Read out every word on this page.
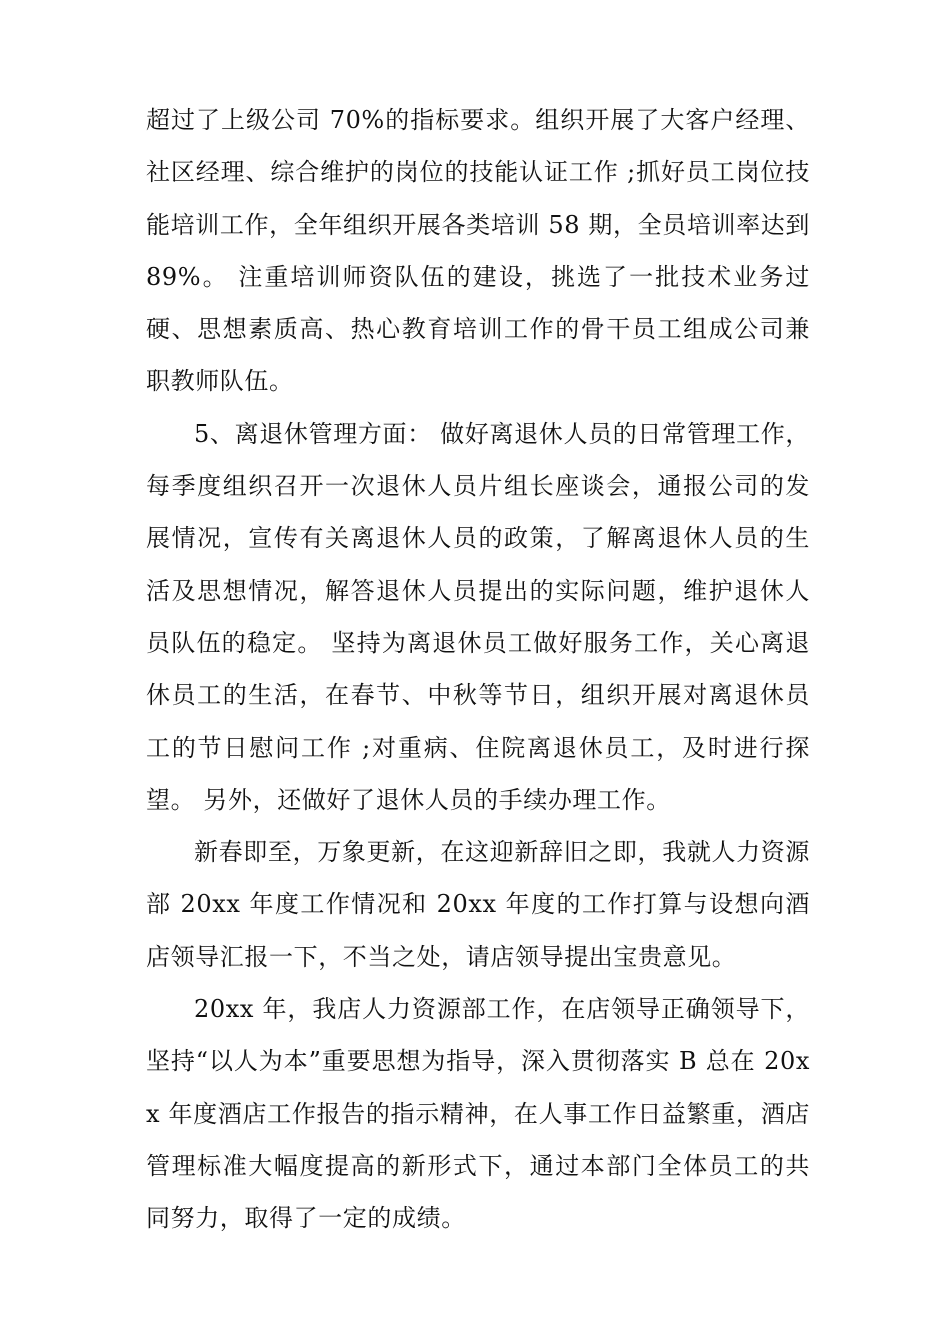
超过了上级公司 70%的指标要求。组织开展了大客户经理、社区经理、综合维护的岗位的技能认证工作 ;抓好员工岗位技能培训工作，全年组织开展各类培训 58 期，全员培训率达到 89%。 注重培训师资队伍的建设，挑选了一批技术业务过硬、思想素质高、热心教育培训工作的骨干员工组成公司兼职教师队伍。

5、离退休管理方面： 做好离退休人员的日常管理工作，每季度组织召开一次退休人员片组长座谈会，通报公司的发展情况，宣传有关离退休人员的政策，了解离退休人员的生活及思想情况，解答退休人员提出的实际问题，维护退休人员队伍的稳定。 坚持为离退休员工做好服务工作，关心离退休员工的生活，在春节、中秋等节日，组织开展对离退休员工的节日慰问工作 ;对重病、住院离退休员工，及时进行探望。 另外，还做好了退休人员的手续办理工作。

新春即至，万象更新，在这迎新辞旧之即，我就人力资源部 20xx 年度工作情况和 20xx 年度的工作打算与设想向酒店领导汇报一下，不当之处，请店领导提出宝贵意见。

20xx 年，我店人力资源部工作，在店领导正确领导下，坚持“以人为本”重要思想为指导，深入贯彻落实 B 总在 20xx 年度酒店工作报告的指示精神，在人事工作日益繁重，酒店管理标准大幅度提高的新形式下，通过本部门全体员工的共同努力，取得了一定的成绩。
